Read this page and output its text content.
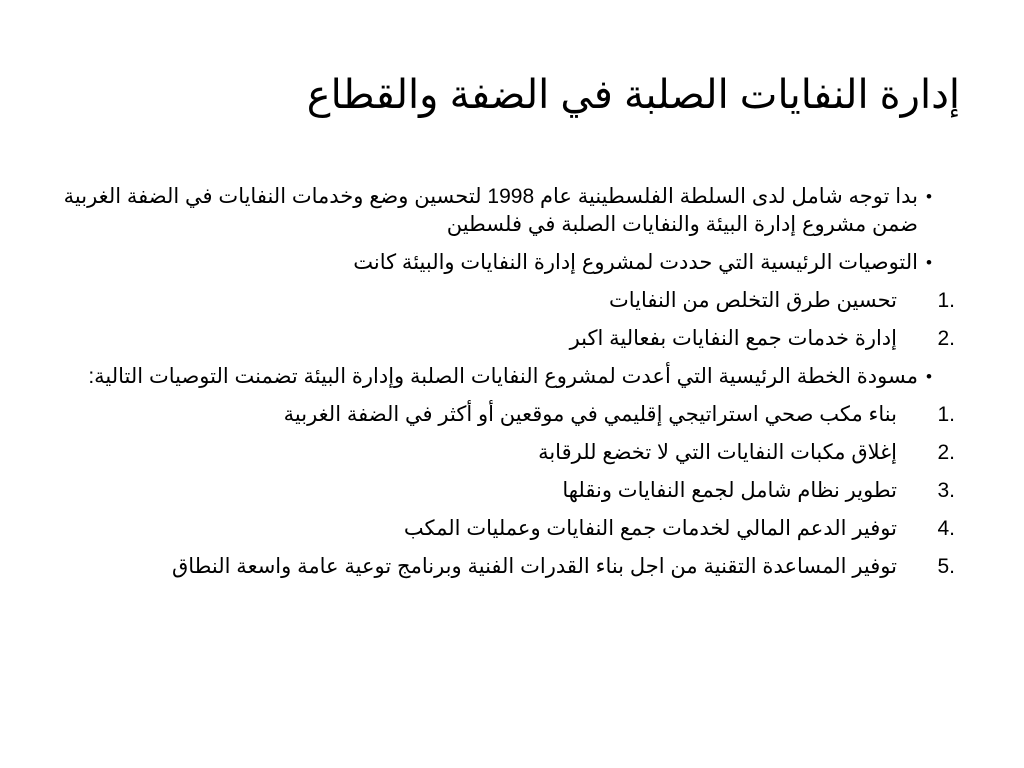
إدارة النفايات الصلبة في الضفة والقطاع
•
بدا توجه شامل لدى السلطة الفلسطينية عام 1998 لتحسين وضع وخدمات النفايات في الضفة الغربية ضمن مشروع إدارة البيئة والنفايات الصلبة في فلسطين
•
التوصيات الرئيسية التي حددت لمشروع إدارة النفايات والبيئة كانت
1.
تحسين طرق التخلص من النفايات
2.
إدارة خدمات جمع النفايات بفعالية اكبر
•
مسودة الخطة الرئيسية التي أعدت لمشروع النفايات الصلبة وإدارة البيئة تضمنت التوصيات التالية:
1.
بناء مكب صحي استراتيجي إقليمي في موقعين أو أكثر في الضفة الغربية
2.
إغلاق مكبات النفايات التي لا تخضع للرقابة
3.
تطوير نظام شامل لجمع النفايات ونقلها
4.
توفير الدعم المالي لخدمات جمع النفايات وعمليات المكب
5.
توفير المساعدة التقنية من اجل بناء القدرات الفنية وبرنامج توعية عامة واسعة النطاق
